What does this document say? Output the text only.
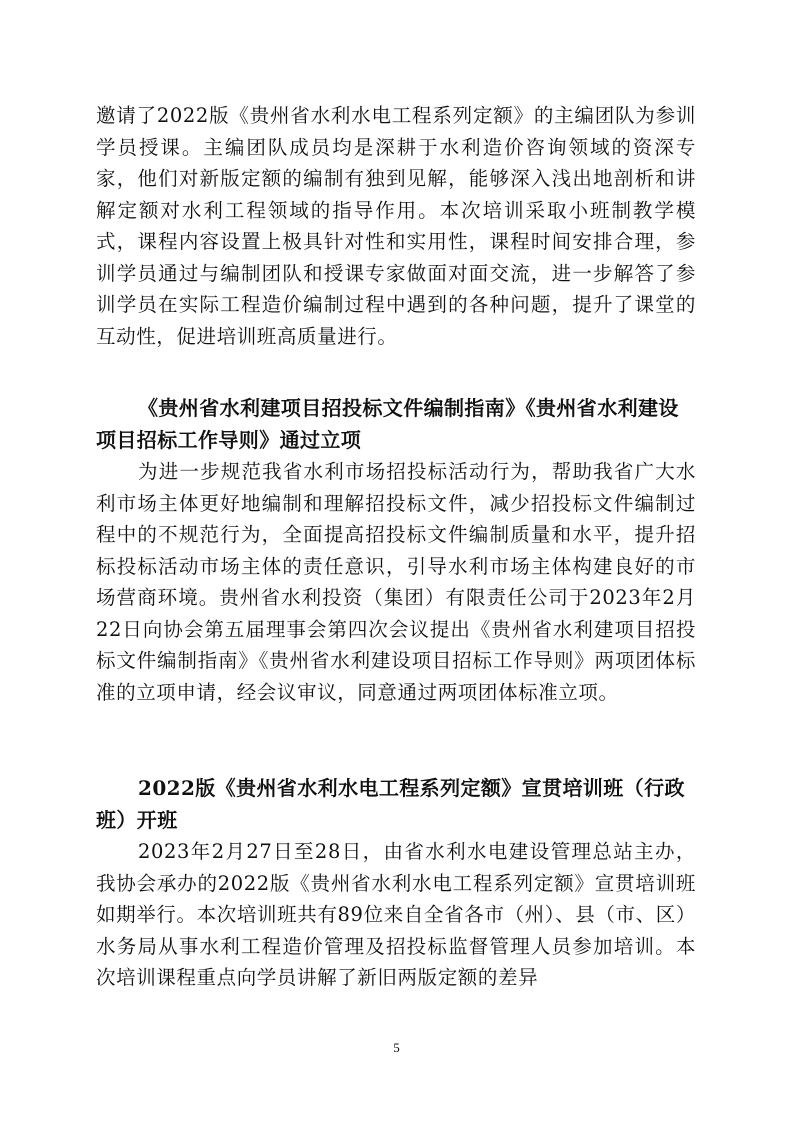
邀请了2022版《贵州省水利水电工程系列定额》的主编团队为参训学员授课。主编团队成员均是深耕于水利造价咨询领域的资深专家，他们对新版定额的编制有独到见解，能够深入浅出地剖析和讲解定额对水利工程领域的指导作用。本次培训采取小班制教学模式，课程内容设置上极具针对性和实用性，课程时间安排合理，参训学员通过与编制团队和授课专家做面对面交流，进一步解答了参训学员在实际工程造价编制过程中遇到的各种问题，提升了课堂的互动性，促进培训班高质量进行。

《贵州省水利建项目招投标文件编制指南》《贵州省水利建设项目招标工作导则》通过立项

为进一步规范我省水利市场招投标活动行为，帮助我省广大水利市场主体更好地编制和理解招投标文件，减少招投标文件编制过程中的不规范行为，全面提高招投标文件编制质量和水平，提升招标投标活动市场主体的责任意识，引导水利市场主体构建良好的市场营商环境。贵州省水利投资（集团）有限责任公司于2023年2月22日向协会第五届理事会第四次会议提出《贵州省水利建项目招投标文件编制指南》《贵州省水利建设项目招标工作导则》两项团体标准的立项申请，经会议审议，同意通过两项团体标准立项。

2022版《贵州省水利水电工程系列定额》宣贯培训班（行政班）开班

2023年2月27日至28日，由省水利水电建设管理总站主办，我协会承办的2022版《贵州省水利水电工程系列定额》宣贯培训班如期举行。本次培训班共有89位来自全省各市（州）、县（市、区）水务局从事水利工程造价管理及招投标监督管理人员参加培训。本次培训课程重点向学员讲解了新旧两版定额的差异

5
